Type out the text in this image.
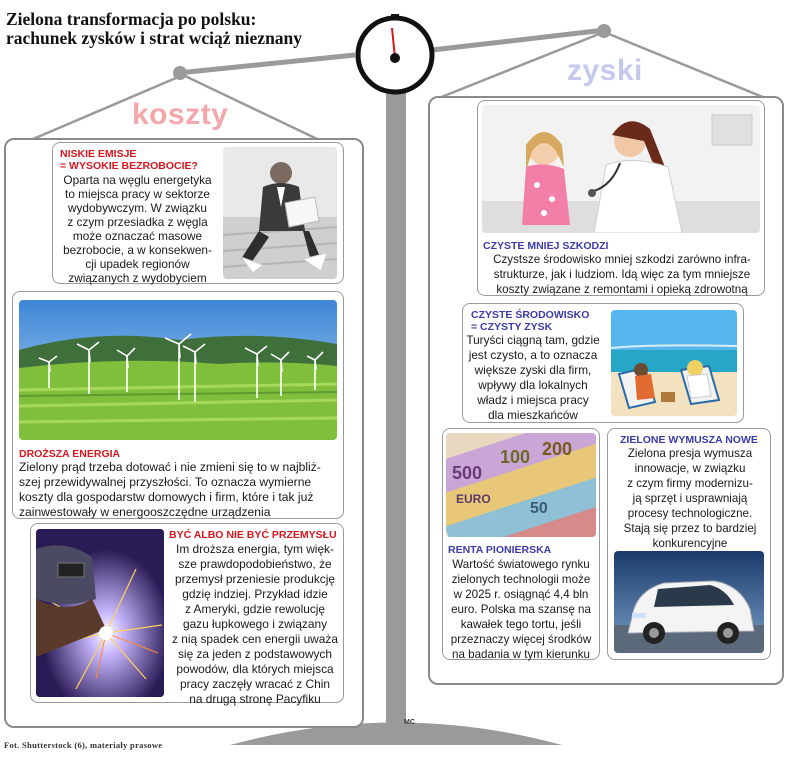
Zielona transformacja po polsku:
rachunek zysków i strat wciąż nieznany
koszty
zyski
NISKIE EMISJE
= WYSOKIE BEZROBOCIE?
Oparta na węglu energetyka
to miejsca pracy w sektorze
wydobywczym. W związku
z czym przesiadka z węgla
może oznaczać masowe
bezrobocie, a w konsekwen-
cji upadek regionów
związanych z wydobyciem
DROŻSZA ENERGIA
Zielony prąd trzeba dotować i nie zmieni się to w najbliż-
szej przewidywalnej przyszłości. To oznacza wymierne
koszty dla gospodarstw domowych i firm, które i tak już
zainwestowały w energooszczędne urządzenia
BYĆ ALBO NIE BYĆ PRZEMYSŁU
Im droższa energia, tym więk-
sze prawdopodobieństwo, że
przemysł przeniesie produkcję
gdzię indziej. Przykład idzie
z Ameryki, gdzie rewolucję
gazu łupkowego i związany
z nią spadek cen energii uważa
się za jeden z podstawowych
powodów, dla których miejsca
pracy zaczęły wracać z Chin
na drugą stronę Pacyfiku
CZYSTE MNIEJ SZKODZI
Czystsze środowisko mniej szkodzi zarówno infra-
strukturze, jak i ludziom. Idą więc za tym mniejsze
koszty związane z remontami i opieką zdrowotną
CZYSTE ŚRODOWISKO
= CZYSTY ZYSK
Turyści ciągną tam, gdzie
jest czysto, a to oznacza
większe zyski dla firm,
wpływy dla lokalnych
władz i miejsca pracy
dla mieszkańców
500
100 200
EURO
50
RENTA PIONIERSKA
Wartość światowego rynku
zielonych technologii może
w 2025 r. osiągnąć 4,4 bln
euro. Polska ma szansę na
kawałek tego tortu, jeśli
przeznaczy więcej środków
na badania w tym kierunku
ZIELONE WYMUSZA NOWE
Zielona presja wymusza
innowacje, w związku
z czym firmy modernizu-
ją sprzęt i usprawniają
procesy technologiczne.
Stają się przez to bardziej
konkurencyjne
MC
Fot. Shutterstock (6), materiały prasowe
